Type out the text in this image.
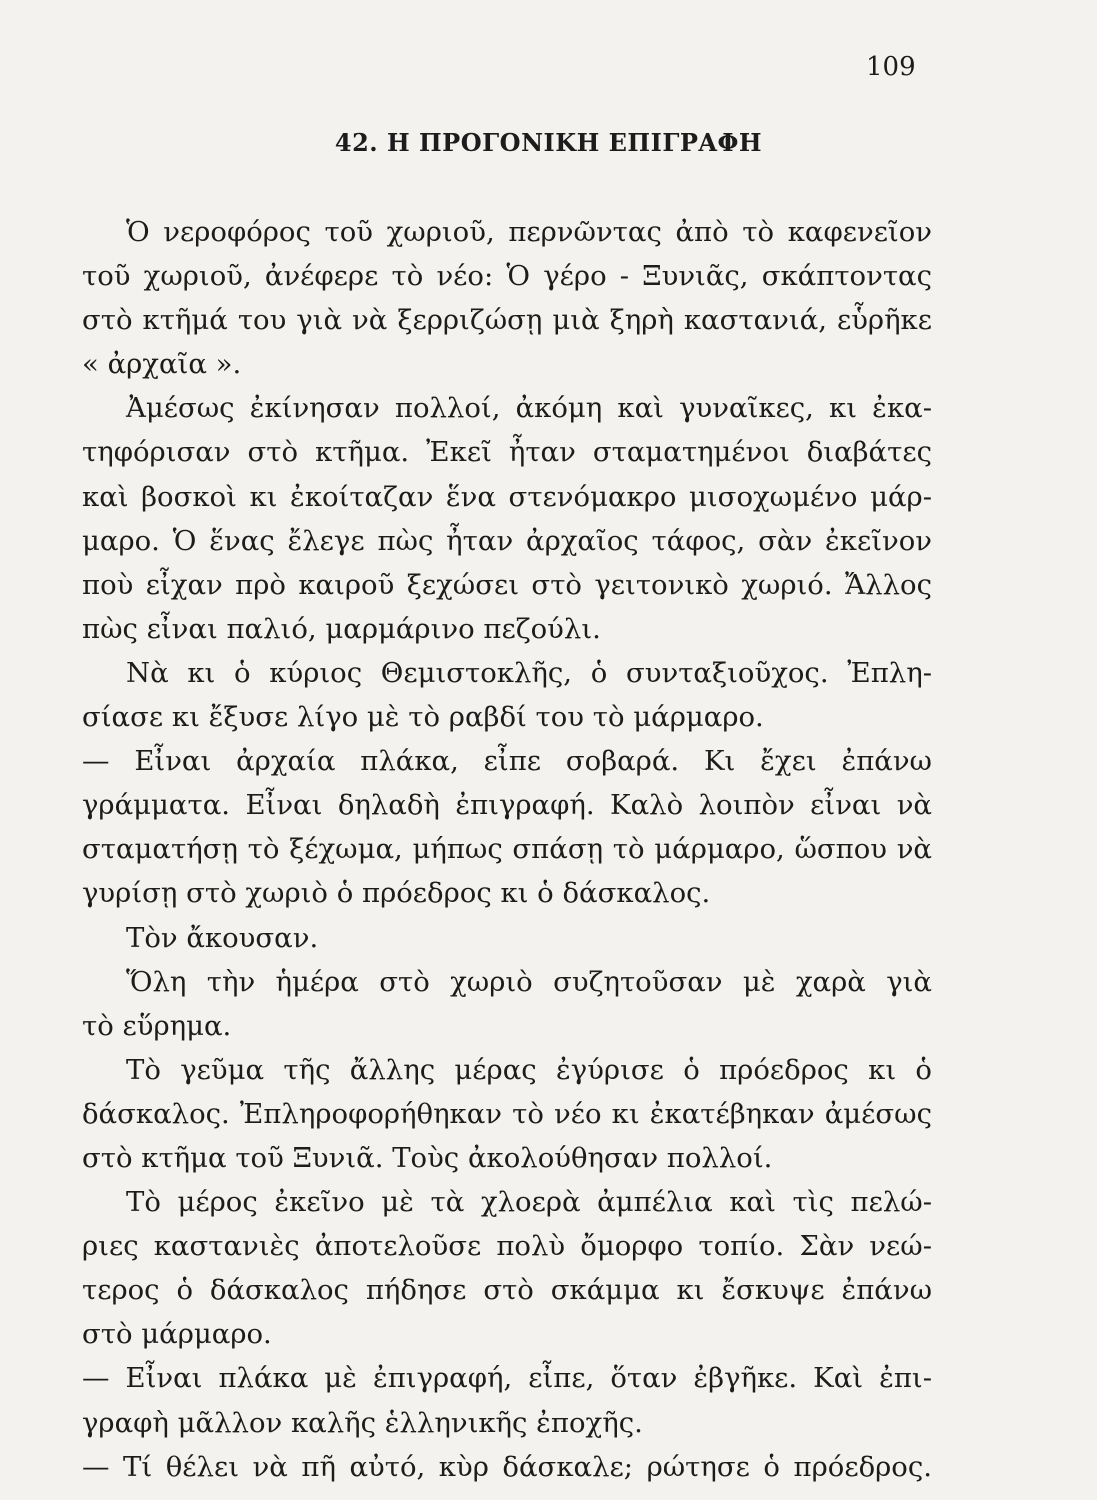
109
42. Η ΠΡΟΓΟΝΙΚΗ ΕΠΙΓΡΑΦΗ
Ὁ νεροφόρος τοῦ χωριοῦ, περνῶντας ἀπὸ τὸ καφενεῖον
τοῦ χωριοῦ, ἀνέφερε τὸ νέο: Ὁ γέρο - Ξυνιᾶς, σκάπτοντας
στὸ κτῆμά του γιὰ νὰ ξερριζώσῃ μιὰ ξηρὴ καστανιά, εὗρῆκε
« ἀρχαῖα ».
Ἀμέσως ἐκίνησαν πολλοί, ἀκόμη καὶ γυναῖκες, κι ἐκα-
τηφόρισαν στὸ κτῆμα. Ἐκεῖ ἦταν σταματημένοι διαβάτες
καὶ βοσκοὶ κι ἐκοίταζαν ἕνα στενόμακρο μισοχωμένο μάρ-
μαρο. Ὁ ἕνας ἔλεγε πὼς ἦταν ἀρχαῖος τάφος, σὰν ἐκεῖνον
ποὺ εἶχαν πρὸ καιροῦ ξεχώσει στὸ γειτονικὸ χωριό. Ἄλλος
πὼς εἶναι παλιό, μαρμάρινο πεζούλι.
Νὰ κι ὁ κύριος Θεμιστοκλῆς, ὁ συνταξιοῦχος. Ἐπλη-
σίασε κι ἔξυσε λίγο μὲ τὸ ραβδί του τὸ μάρμαρο.
— Εἶναι ἀρχαία πλάκα, εἶπε σοβαρά. Κι ἔχει ἐπάνω
γράμματα. Εἶναι δηλαδὴ ἐπιγραφή. Καλὸ λοιπὸν εἶναι νὰ
σταματήσῃ τὸ ξέχωμα, μήπως σπάσῃ τὸ μάρμαρο, ὥσπου νὰ
γυρίσῃ στὸ χωριὸ ὁ πρόεδρος κι ὁ δάσκαλος.
Τὸν ἄκουσαν.
Ὅλη τὴν ἡμέρα στὸ χωριὸ συζητοῦσαν μὲ χαρὰ γιὰ
τὸ εὕρημα.
Τὸ γεῦμα τῆς ἄλλης μέρας ἐγύρισε ὁ πρόεδρος κι ὁ
δάσκαλος. Ἐπληροφορήθηκαν τὸ νέο κι ἐκατέβηκαν ἀμέσως
στὸ κτῆμα τοῦ Ξυνιᾶ. Τοὺς ἀκολούθησαν πολλοί.
Τὸ μέρος ἐκεῖνο μὲ τὰ χλοερὰ ἀμπέλια καὶ τὶς πελώ-
ριες καστανιὲς ἀποτελοῦσε πολὺ ὄμορφο τοπίο. Σὰν νεώ-
τερος ὁ δάσκαλος πήδησε στὸ σκάμμα κι ἔσκυψε ἐπάνω
στὸ μάρμαρο.
— Εἶναι πλάκα μὲ ἐπιγραφή, εἶπε, ὅταν ἐβγῆκε. Καὶ ἐπι-
γραφὴ μᾶλλον καλῆς ἑλληνικῆς ἐποχῆς.
— Τί θέλει νὰ πῆ αὐτό, κὺρ δάσκαλε; ρώτησε ὁ πρόεδρος.
